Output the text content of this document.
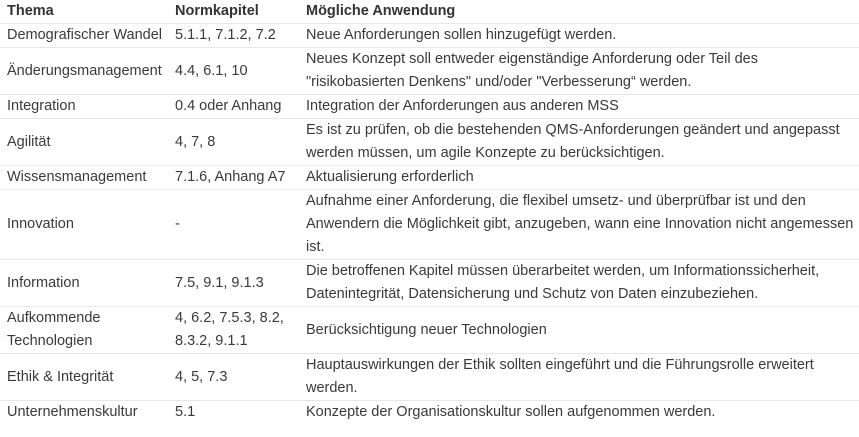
Thema	Normkapitel	Mögliche Anwendung
Demografischer Wandel	5.1.1, 7.1.2, 7.2	Neue Anforderungen sollen hinzugefügt werden.
Änderungsmanagement	4.4, 6.1, 10	Neues Konzept soll entweder eigenständige Anforderung oder Teil des "risikobasierten Denkens" und/oder "Verbesserung“ werden.
Integration	0.4 oder Anhang	Integration der Anforderungen aus anderen MSS
Agilität	4, 7, 8	Es ist zu prüfen, ob die bestehenden QMS-Anforderungen geändert und angepasst werden müssen, um agile Konzepte zu berücksichtigen.
Wissensmanagement	7.1.6, Anhang A7	Aktualisierung erforderlich
Innovation	-	Aufnahme einer Anforderung, die flexibel umsetz- und überprüfbar ist und den Anwendern die Möglichkeit gibt, anzugeben, wann eine Innovation nicht angemessen ist.
Information	7.5, 9.1, 9.1.3	Die betroffenen Kapitel müssen überarbeitet werden, um Informationssicherheit, Datenintegrität, Datensicherung und Schutz von Daten einzubeziehen.
Aufkommende Technologien	4, 6.2, 7.5.3, 8.2, 8.3.2, 9.1.1	Berücksichtigung neuer Technologien
Ethik & Integrität	4, 5, 7.3	Hauptauswirkungen der Ethik sollten eingeführt und die Führungsrolle erweitert werden.
Unternehmenskultur	5.1	Konzepte der Organisationskultur sollen aufgenommen werden.
